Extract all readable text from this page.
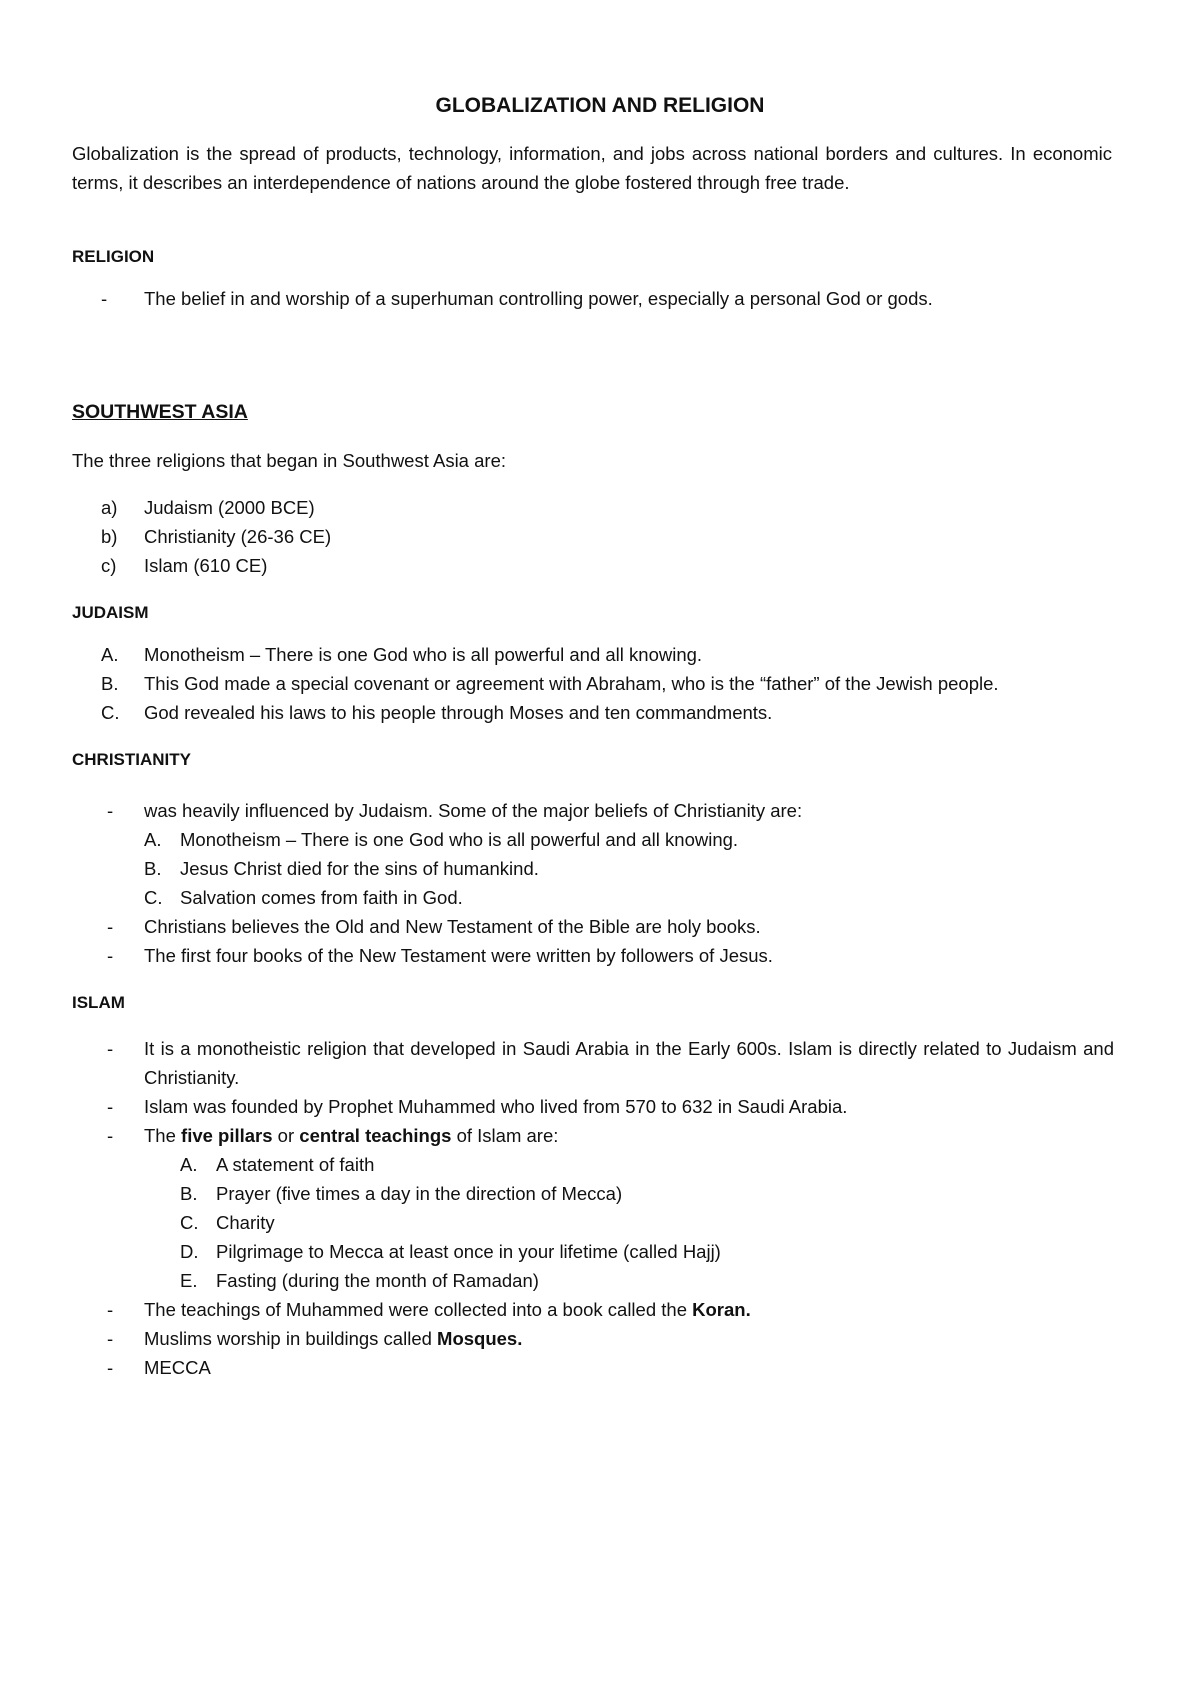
GLOBALIZATION AND RELIGION
Globalization is the spread of products, technology, information, and jobs across national borders and cultures. In economic terms, it describes an interdependence of nations around the globe fostered through free trade.
RELIGION
- The belief in and worship of a superhuman controlling power, especially a personal God or gods.
SOUTHWEST ASIA
The three religions that began in Southwest Asia are:
a) Judaism (2000 BCE)
b) Christianity (26-36 CE)
c) Islam (610 CE)
JUDAISM
A. Monotheism – There is one God who is all powerful and all knowing.
B. This God made a special covenant or agreement with Abraham, who is the “father” of the Jewish people.
C. God revealed his laws to his people through Moses and ten commandments.
CHRISTIANITY
- was heavily influenced by Judaism. Some of the major beliefs of Christianity are:
A. Monotheism – There is one God who is all powerful and all knowing.
B. Jesus Christ died for the sins of humankind.
C. Salvation comes from faith in God.
- Christians believes the Old and New Testament of the Bible are holy books.
- The first four books of the New Testament were written by followers of Jesus.
ISLAM
- It is a monotheistic religion that developed in Saudi Arabia in the Early 600s. Islam is directly related to Judaism and Christianity.
- Islam was founded by Prophet Muhammed who lived from 570 to 632 in Saudi Arabia.
- The five pillars or central teachings of Islam are:
A. A statement of faith
B. Prayer (five times a day in the direction of Mecca)
C. Charity
D. Pilgrimage to Mecca at least once in your lifetime (called Hajj)
E. Fasting (during the month of Ramadan)
- The teachings of Muhammed were collected into a book called the Koran.
- Muslims worship in buildings called Mosques.
- MECCA
